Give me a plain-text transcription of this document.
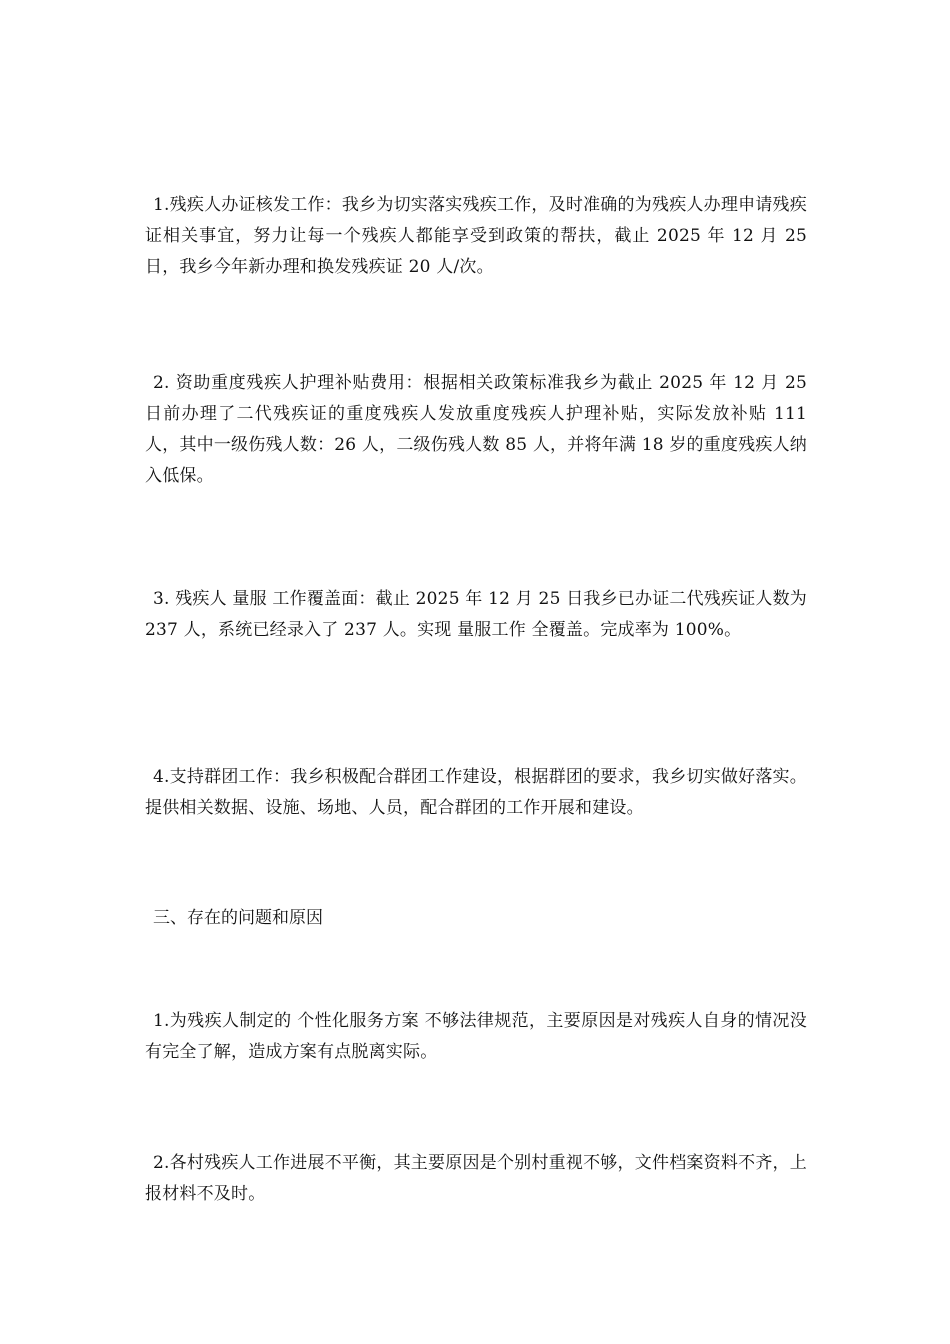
1.残疾人办证核发工作：我乡为切实落实残疾工作，及时准确的为残疾人办理申请残疾证相关事宜，努力让每一个残疾人都能享受到政策的帮扶，截止 2025 年 12 月 25 日，我乡今年新办理和换发残疾证 20 人/次。

2. 资助重度残疾人护理补贴费用：根据相关政策标准我乡为截止 2025 年 12 月 25 日前办理了二代残疾证的重度残疾人发放重度残疾人护理补贴，实际发放补贴 111 人，其中一级伤残人数：26 人，二级伤残人数 85 人，并将年满 18 岁的重度残疾人纳入低保。

3. 残疾人 量服 工作覆盖面：截止 2025 年 12 月 25 日我乡已办证二代残疾证人数为 237 人，系统已经录入了 237 人。实现 量服工作 全覆盖。完成率为 100%。

4.支持群团工作：我乡积极配合群团工作建设，根据群团的要求，我乡切实做好落实。提供相关数据、设施、场地、人员，配合群团的工作开展和建设。

三、存在的问题和原因

1.为残疾人制定的 个性化服务方案 不够法律规范，主要原因是对残疾人自身的情况没有完全了解，造成方案有点脱离实际。

2.各村残疾人工作进展不平衡，其主要原因是个别村重视不够，文件档案资料不齐，上报材料不及时。
